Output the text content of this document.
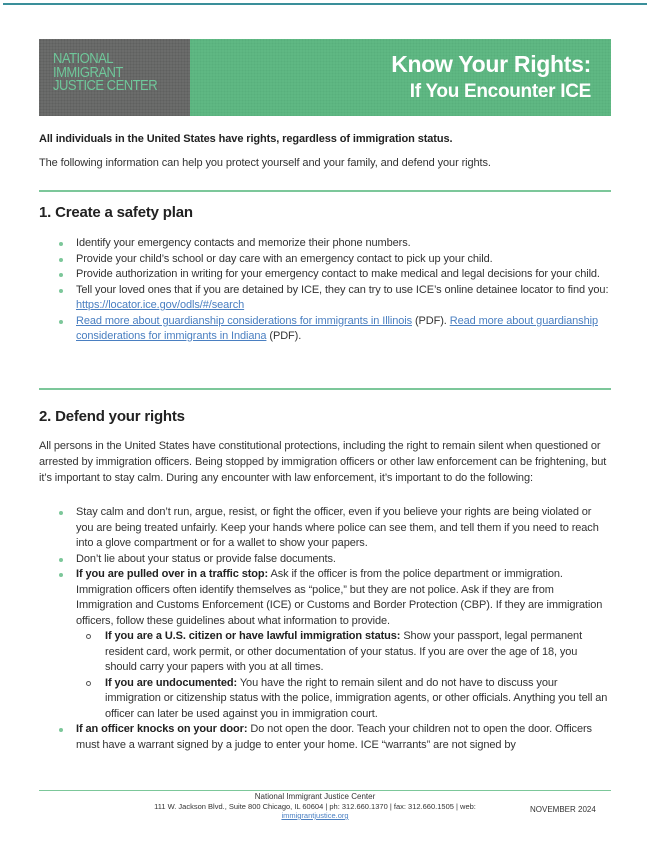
NATIONAL
IMMIGRANT
JUSTICE CENTER
Know Your Rights:
If You Encounter ICE
All individuals in the United States have rights, regardless of immigration status.
The following information can help you protect yourself and your family, and defend your rights.
1. Create a safety plan
Identify your emergency contacts and memorize their phone numbers.
Provide your child’s school or day care with an emergency contact to pick up your child.
Provide authorization in writing for your emergency contact to make medical and legal decisions for your child.
Tell your loved ones that if you are detained by ICE, they can try to use ICE’s online detainee locator to find you: https://locator.ice.gov/odls/#/search
Read more about guardianship considerations for immigrants in Illinois (PDF). Read more about guardianship considerations for immigrants in Indiana (PDF).
2. Defend your rights

All persons in the United States have constitutional protections, including the right to remain silent when questioned or arrested by immigration officers. Being stopped by immigration officers or other law enforcement can be frightening, but it’s important to stay calm. During any encounter with law enforcement, it’s important to do the following:

Stay calm and don’t run, argue, resist, or fight the officer, even if you believe your rights are being violated or you are being treated unfairly. Keep your hands where police can see them, and tell them if you need to reach into a glove compartment or for a wallet to show your papers.
Don’t lie about your status or provide false documents.
If you are pulled over in a traffic stop: Ask if the officer is from the police department or immigration. Immigration officers often identify themselves as “police,” but they are not police. Ask if they are from Immigration and Customs Enforcement (ICE) or Customs and Border Protection (CBP). If they are immigration officers, follow these guidelines about what information to provide.
If you are a U.S. citizen or have lawful immigration status: Show your passport, legal permanent resident card, work permit, or other documentation of your status. If you are over the age of 18, you should carry your papers with you at all times.
If you are undocumented: You have the right to remain silent and do not have to discuss your immigration or citizenship status with the police, immigration agents, or other officials. Anything you tell an officer can later be used against you in immigration court.
If an officer knocks on your door: Do not open the door. Teach your children not to open the door. Officers must have a warrant signed by a judge to enter your home. ICE “warrants” are not signed by
National Immigrant Justice Center
111 W. Jackson Blvd., Suite 800 Chicago, IL 60604 | ph: 312.660.1370 | fax: 312.660.1505 | web:
immigrantjustice.org
NOVEMBER 2024
